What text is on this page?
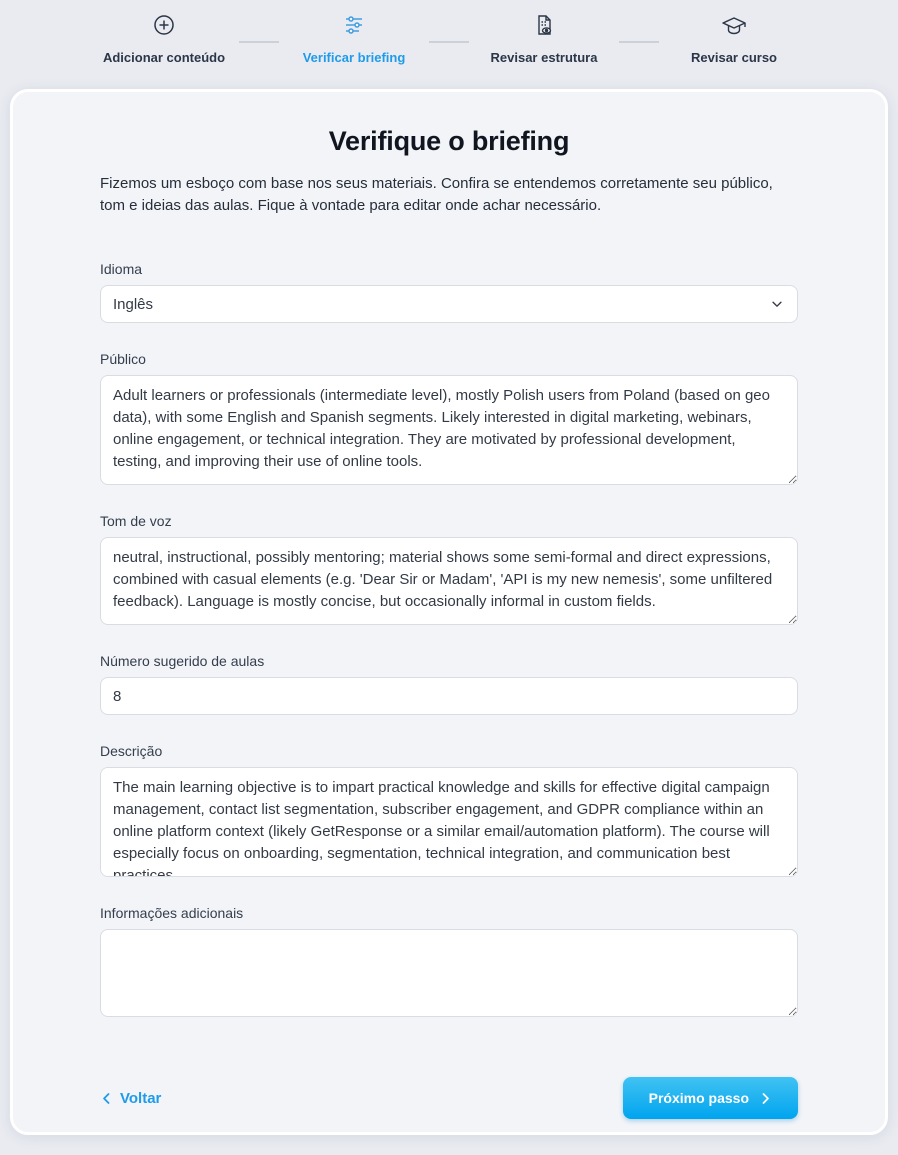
Adicionar conteúdo	Verificar briefing	Revisar estrutura	Revisar curso
Verifique o briefing

Fizemos um esboço com base nos seus materiais. Confira se entendemos corretamente seu público, tom e ideias das aulas. Fique à vontade para editar onde achar necessário.

Idioma
Inglês
Público
Adult learners or professionals (intermediate level), mostly Polish users from Poland (based on geo data), with some English and Spanish segments. Likely interested in digital marketing, webinars, online engagement, or technical integration. They are motivated by professional development, testing, and improving their use of online tools.
Tom de voz
neutral, instructional, possibly mentoring; material shows some semi-formal and direct expressions, combined with casual elements (e.g. 'Dear Sir or Madam', 'API is my new nemesis', some unfiltered feedback). Language is mostly concise, but occasionally informal in custom fields.
Número sugerido de aulas
8
Descrição
The main learning objective is to impart practical knowledge and skills for effective digital campaign management, contact list segmentation, subscriber engagement, and GDPR compliance within an online platform context (likely GetResponse or a similar email/automation platform). The course will especially focus on onboarding, segmentation, technical integration, and communication best practices.
Informações adicionais
Voltar	Próximo passo
